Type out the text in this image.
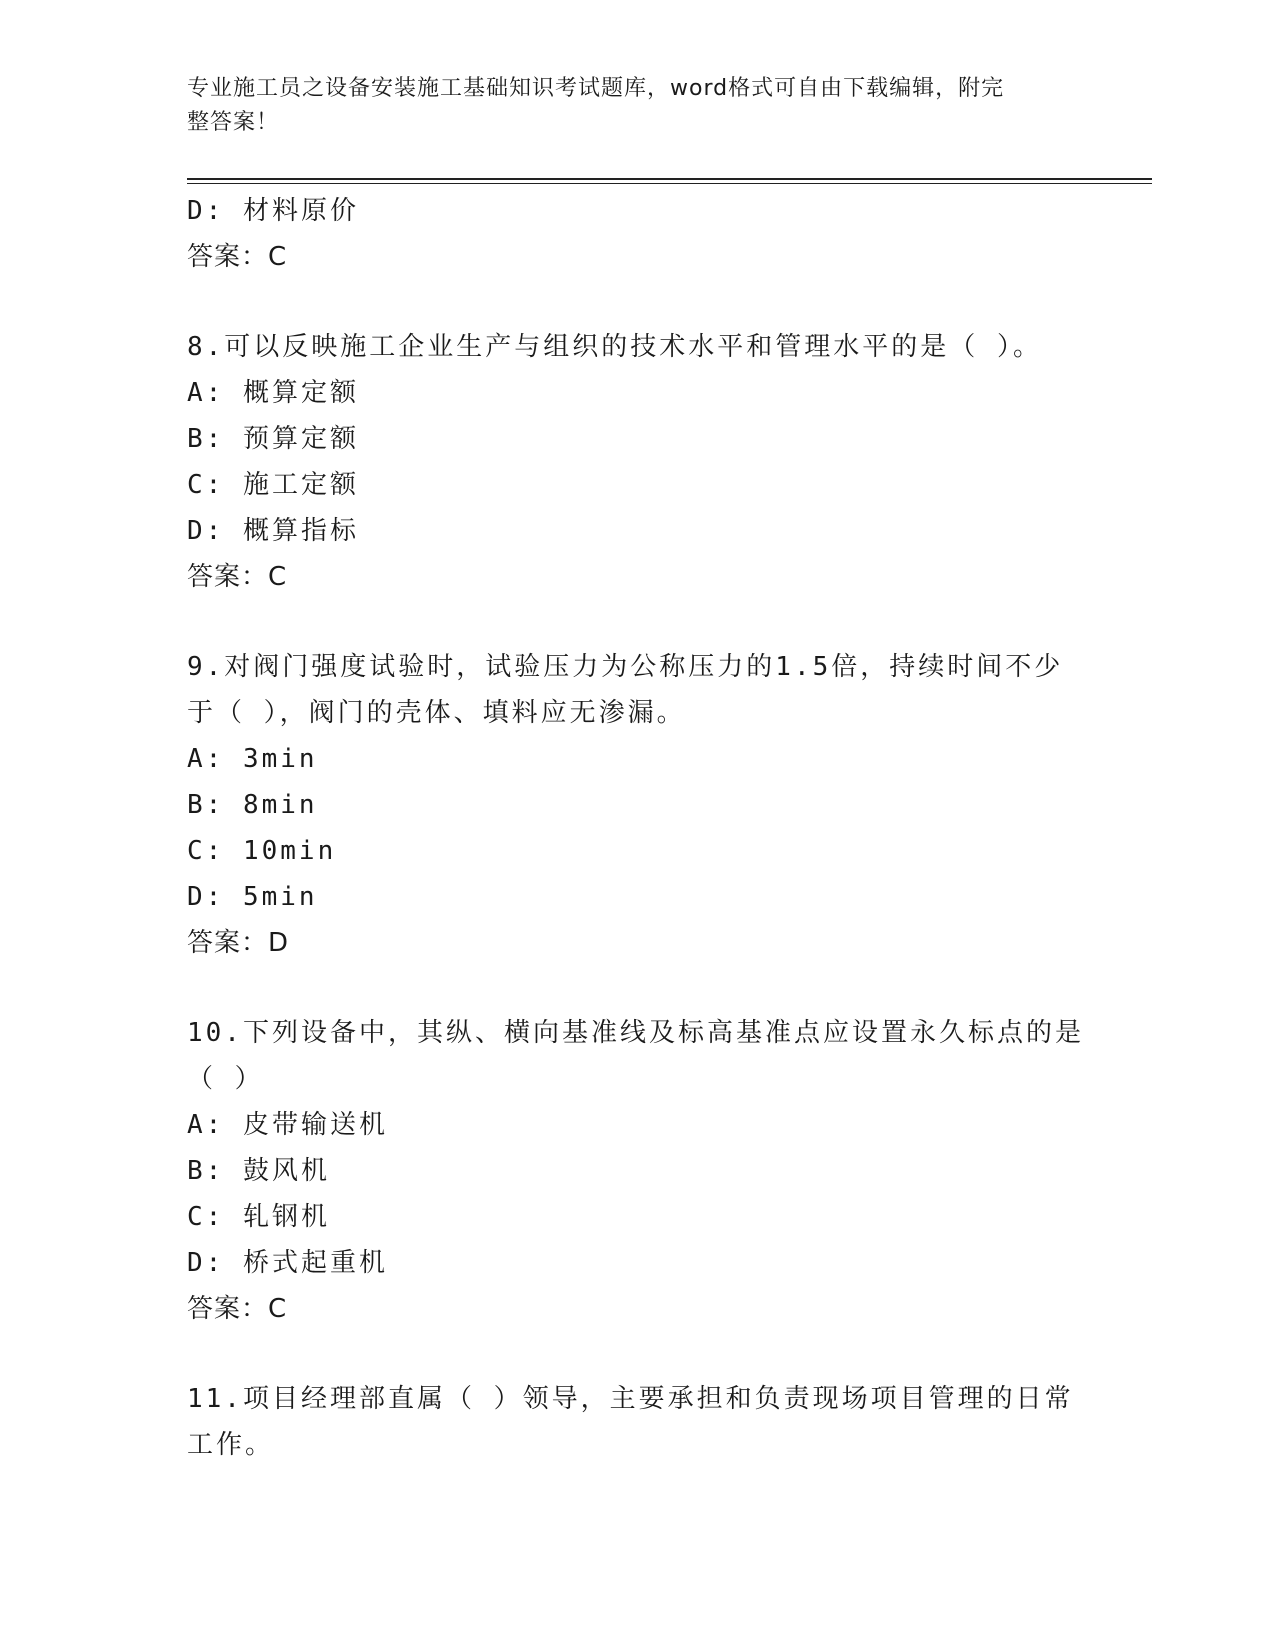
专业施工员之设备安装施工基础知识考试题库，word格式可自由下载编辑，附完
整答案！
D: 材料原价
答案：C
8.可以反映施工企业生产与组织的技术水平和管理水平的是（ ）。
A: 概算定额
B: 预算定额
C: 施工定额
D: 概算指标
答案：C
9.对阀门强度试验时，试验压力为公称压力的1.5倍，持续时间不少
于（ ），阀门的壳体、填料应无渗漏。
A: 3min
B: 8min
C: 10min
D: 5min
答案：D
10.下列设备中，其纵、横向基准线及标高基准点应设置永久标点的是
（ ）
A: 皮带输送机
B: 鼓风机
C: 轧钢机
D: 桥式起重机
答案：C
11.项目经理部直属（ ）领导，主要承担和负责现场项目管理的日常
工作。
